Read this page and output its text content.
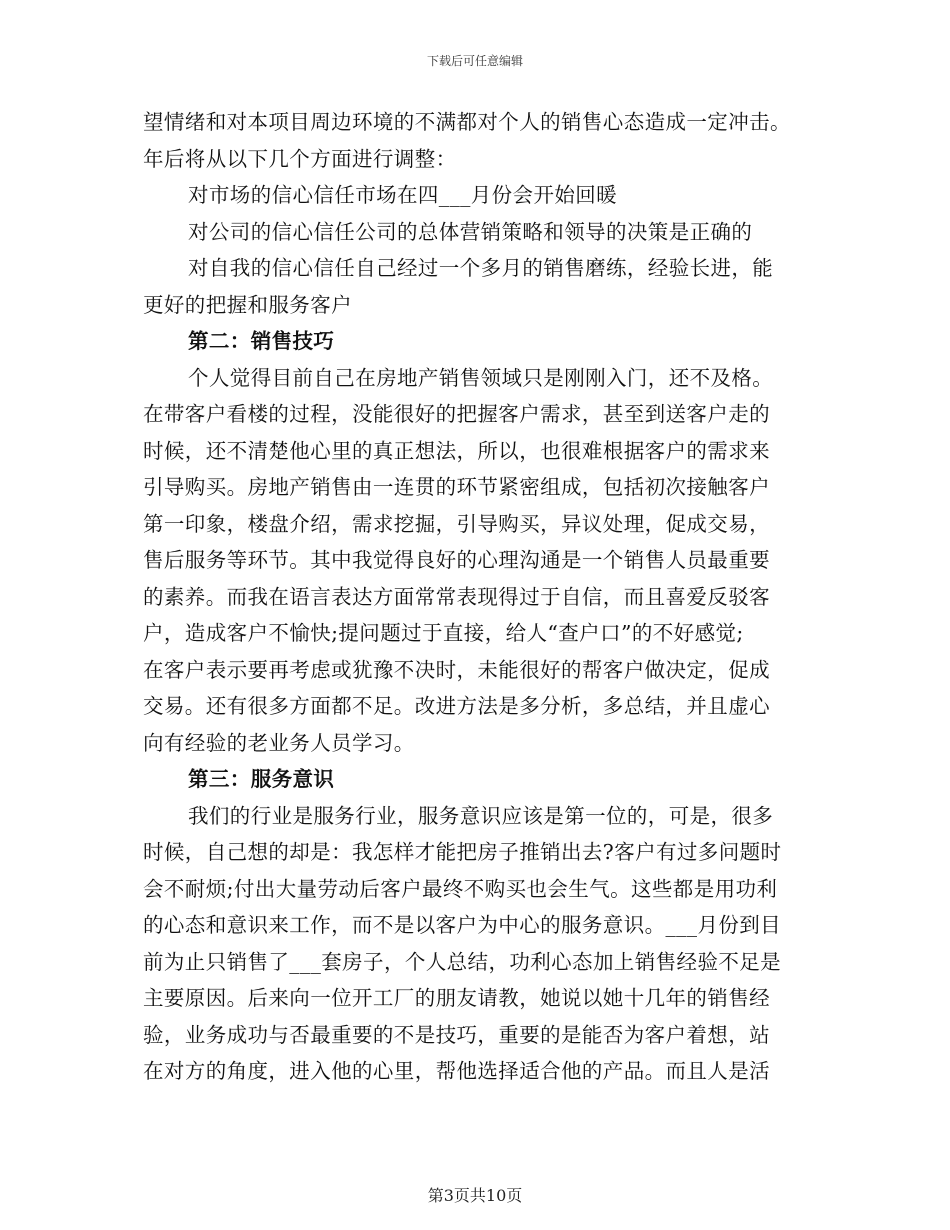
下载后可任意编辑
望情绪和对本项目周边环境的不满都对个人的销售心态造成一定冲击。
年后将从以下几个方面进行调整：
对市场的信心信任市场在四___月份会开始回暖
对公司的信心信任公司的总体营销策略和领导的决策是正确的
对自我的信心信任自己经过一个多月的销售磨练，经验长进，能
更好的把握和服务客户
第二：销售技巧
个人觉得目前自己在房地产销售领域只是刚刚入门，还不及格。
在带客户看楼的过程，没能很好的把握客户需求，甚至到送客户走的
时候，还不清楚他心里的真正想法，所以，也很难根据客户的需求来
引导购买。房地产销售由一连贯的环节紧密组成，包括初次接触客户
第一印象，楼盘介绍，需求挖掘，引导购买，异议处理，促成交易，
售后服务等环节。其中我觉得良好的心理沟通是一个销售人员最重要
的素养。而我在语言表达方面常常表现得过于自信，而且喜爱反驳客
户，造成客户不愉快;提问题过于直接，给人“查户口”的不好感觉;
在客户表示要再考虑或犹豫不决时，未能很好的帮客户做决定，促成
交易。还有很多方面都不足。改进方法是多分析，多总结，并且虚心
向有经验的老业务人员学习。
第三：服务意识
我们的行业是服务行业，服务意识应该是第一位的，可是，很多
时候，自己想的却是：我怎样才能把房子推销出去?客户有过多问题时
会不耐烦;付出大量劳动后客户最终不购买也会生气。这些都是用功利
的心态和意识来工作，而不是以客户为中心的服务意识。___月份到目
前为止只销售了___套房子，个人总结，功利心态加上销售经验不足是
主要原因。后来向一位开工厂的朋友请教，她说以她十几年的销售经
验，业务成功与否最重要的不是技巧，重要的是能否为客户着想，站
在对方的角度，进入他的心里，帮他选择适合他的产品。而且人是活
第3页共10页
